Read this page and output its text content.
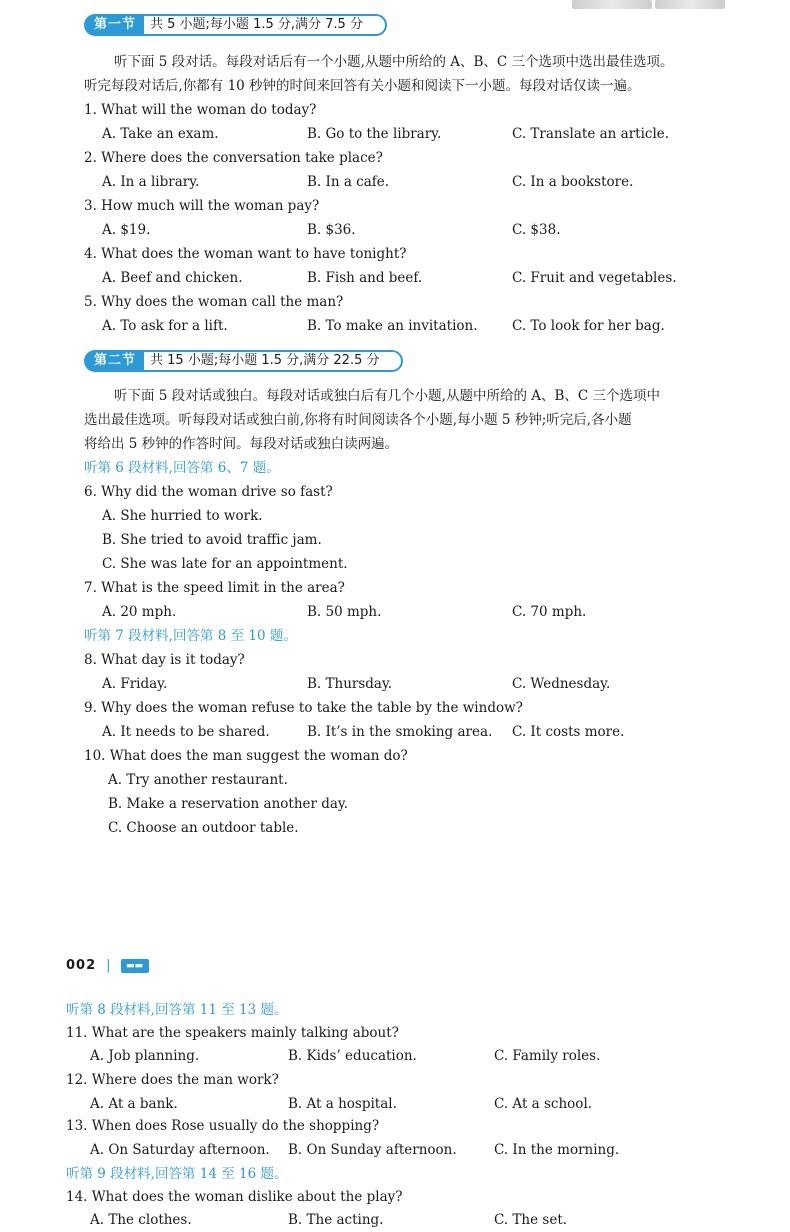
第一节	共 5 小题;每小题 1.5 分,满分 7.5 分
听下面 5 段对话。每段对话后有一个小题,从题中所给的 A、B、C 三个选项中选出最佳选项。
听完每段对话后,你都有 10 秒钟的时间来回答有关小题和阅读下一小题。每段对话仅读一遍。
1. What will the woman do today?
A. Take an exam.	B. Go to the library.	C. Translate an article.
2. Where does the conversation take place?
A. In a library.	B. In a cafe.	C. In a bookstore.
3. How much will the woman pay?
A. $19.	B. $36.	C. $38.
4. What does the woman want to have tonight?
A. Beef and chicken.	B. Fish and beef.	C. Fruit and vegetables.
5. Why does the woman call the man?
A. To ask for a lift.	B. To make an invitation.	C. To look for her bag.
第二节	共 15 小题;每小题 1.5 分,满分 22.5 分
听下面 5 段对话或独白。每段对话或独白后有几个小题,从题中所给的 A、B、C 三个选项中
选出最佳选项。听每段对话或独白前,你将有时间阅读各个小题,每小题 5 秒钟;听完后,各小题
将给出 5 秒钟的作答时间。每段对话或独白读两遍。
听第 6 段材料,回答第 6、7 题。
6. Why did the woman drive so fast?
A. She hurried to work.
B. She tried to avoid traffic jam.
C. She was late for an appointment.
7. What is the speed limit in the area?
A. 20 mph.	B. 50 mph.	C. 70 mph.
听第 7 段材料,回答第 8 至 10 题。
8. What day is it today?
A. Friday.	B. Thursday.	C. Wednesday.
9. Why does the woman refuse to take the table by the window?
A. It needs to be shared.	B. It’s in the smoking area. C. It costs more.
10. What does the man suggest the woman do?
A. Try another restaurant.
B. Make a reservation another day.
C. Choose an outdoor table.
002 |	▬▬
听第 8 段材料,回答第 11 至 13 题。
11. What are the speakers mainly talking about?
A. Job planning.	B. Kids’ education.	C. Family roles.
12. Where does the man work?
A. At a bank.	B. At a hospital.	C. At a school.
13. When does Rose usually do the shopping?
A. On Saturday afternoon. B. On Sunday afternoon.	C. In the morning.
听第 9 段材料,回答第 14 至 16 题。
14. What does the woman dislike about the play?
A. The clothes.	B. The acting.	C. The set.
